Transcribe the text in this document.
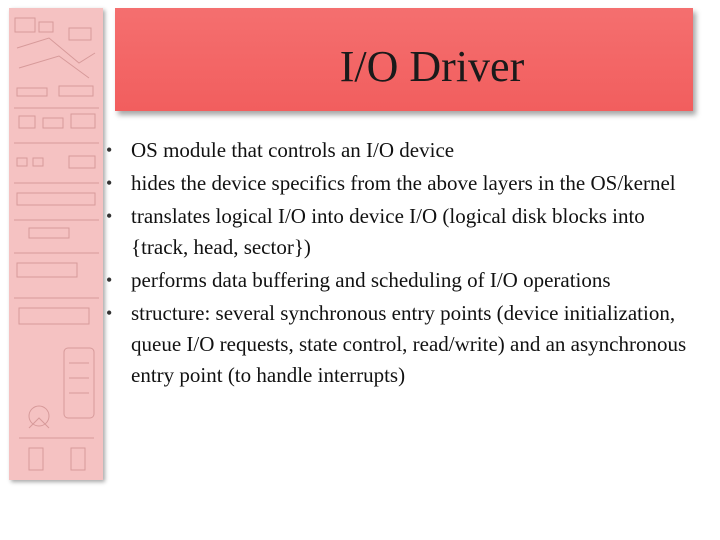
I/O Driver
• OS module that controls an I/O device
• hides the device specifics from the above layers in the OS/kernel
• translates logical I/O into device I/O (logical disk blocks into {track, head, sector})
• performs data buffering and scheduling of I/O operations
• structure: several synchronous entry points (device initialization, queue I/O requests, state control, read/write) and an asynchronous entry point (to handle interrupts)
